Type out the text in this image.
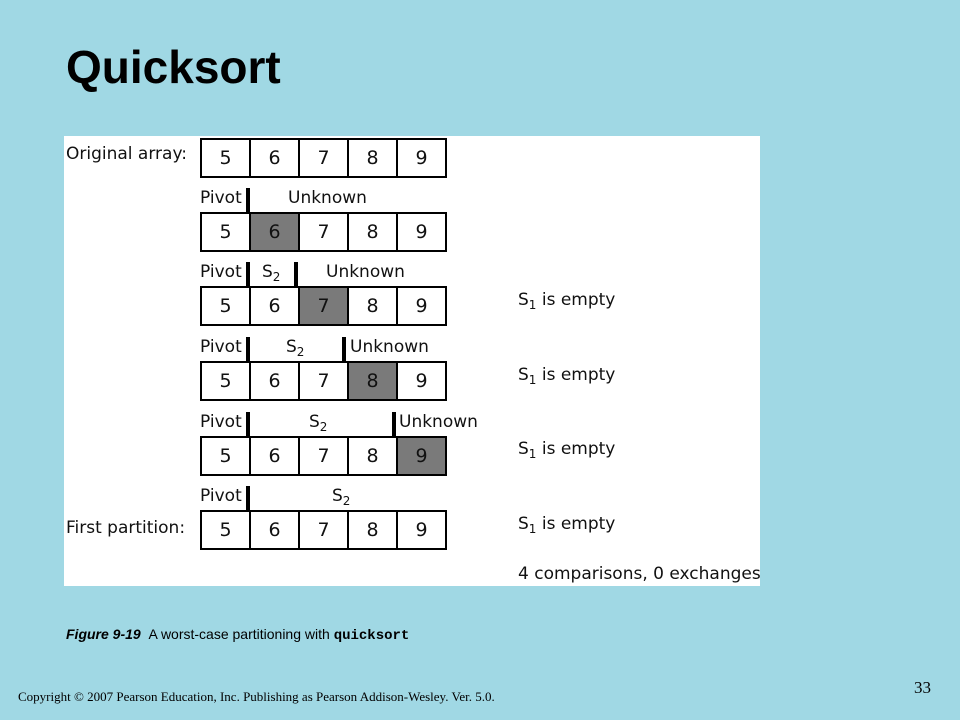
Quicksort
Original array:	5	6	7	8	9
Pivot	Unknown
5	6	7	8	9
Pivot $S_2$	Unknown
5	6	7	8	9	$S_1$ is empty
Pivot	$S_2$	Unknown
5	6	7	8	9	$S_1$ is empty
Pivot	$S_2$	Unknown
5	6	7	8	9	$S_1$ is empty
Pivot	$S_2$
First partition:	5	6	7	8	9	$S_1$ is empty
4 comparisons, 0 exchanges
Figure 9-19 A worst-case partitioning with quicksort
Copyright © 2007 Pearson Education, Inc. Publishing as Pearson Addison-Wesley. Ver. 5.0.	33
